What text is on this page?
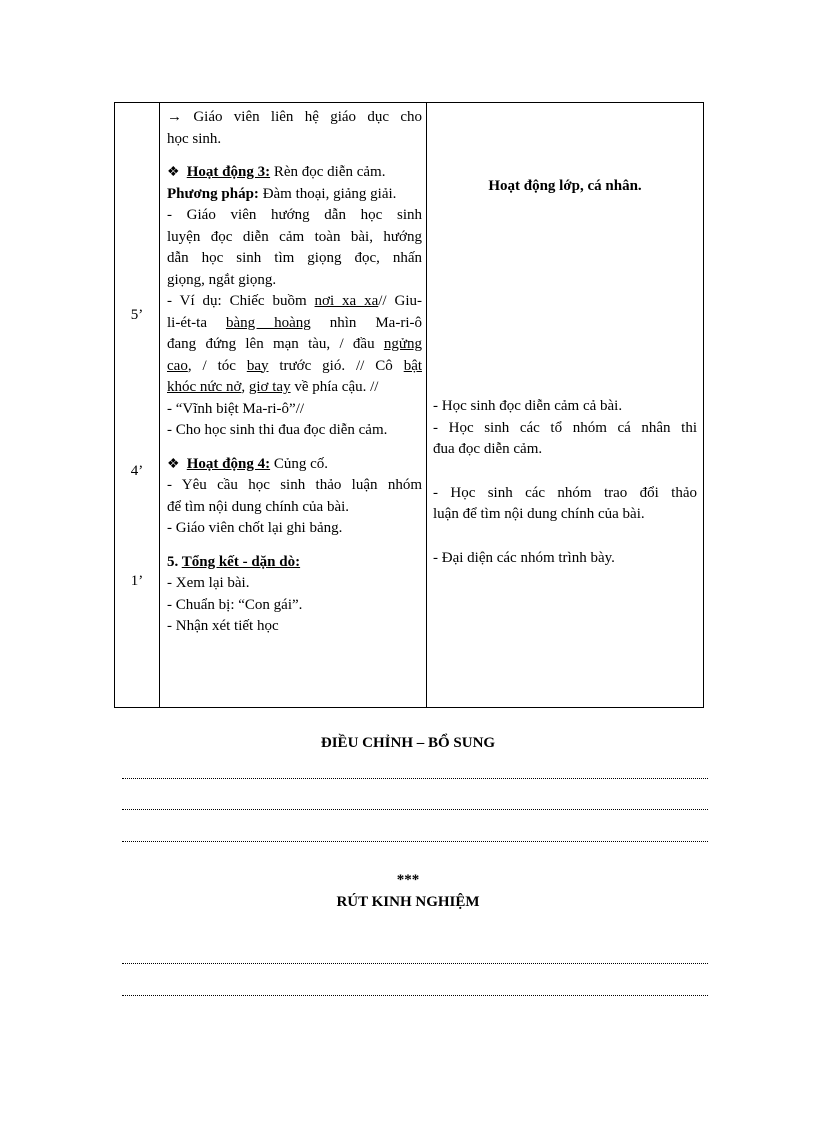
5’
4’
1’
→ Giáo viên liên hệ giáo dục cho
học sinh.
❖ Hoạt động 3: Rèn đọc diễn cảm.
Phương pháp: Đàm thoại, giảng giải.
- Giáo viên hướng dẫn học sinh
luyện đọc diễn cảm toàn bài, hướng
dẫn học sinh tìm giọng đọc, nhấn
giọng, ngắt giọng.
- Ví dụ: Chiếc buồm nơi xa xa// Giu-
li-ét-ta bàng hoàng nhìn Ma-ri-ô
đang đứng lên mạn tàu, / đầu ngửng
cao, / tóc bay trước gió. // Cô bật
khóc nức nở, giơ tay về phía cậu. //
- “Vĩnh biệt Ma-ri-ô”//
- Cho học sinh thi đua đọc diễn cảm.
❖ Hoạt động 4: Củng cố.
- Yêu cầu học sinh thảo luận nhóm
để tìm nội dung chính của bài.
- Giáo viên chốt lại ghi bảng.
5. Tổng kết - dặn dò:
- Xem lại bài.
- Chuẩn bị: “Con gái”.
- Nhận xét tiết học
Hoạt động lớp, cá nhân.
- Học sinh đọc diễn cảm cả bài.
- Học sinh các tổ nhóm cá nhân thi
đua đọc diễn cảm.
- Học sinh các nhóm trao đổi thảo
luận để tìm nội dung chính của bài.
- Đại diện các nhóm trình bày.
ĐIỀU CHỈNH – BỔ SUNG
***
RÚT KINH NGHIỆM
